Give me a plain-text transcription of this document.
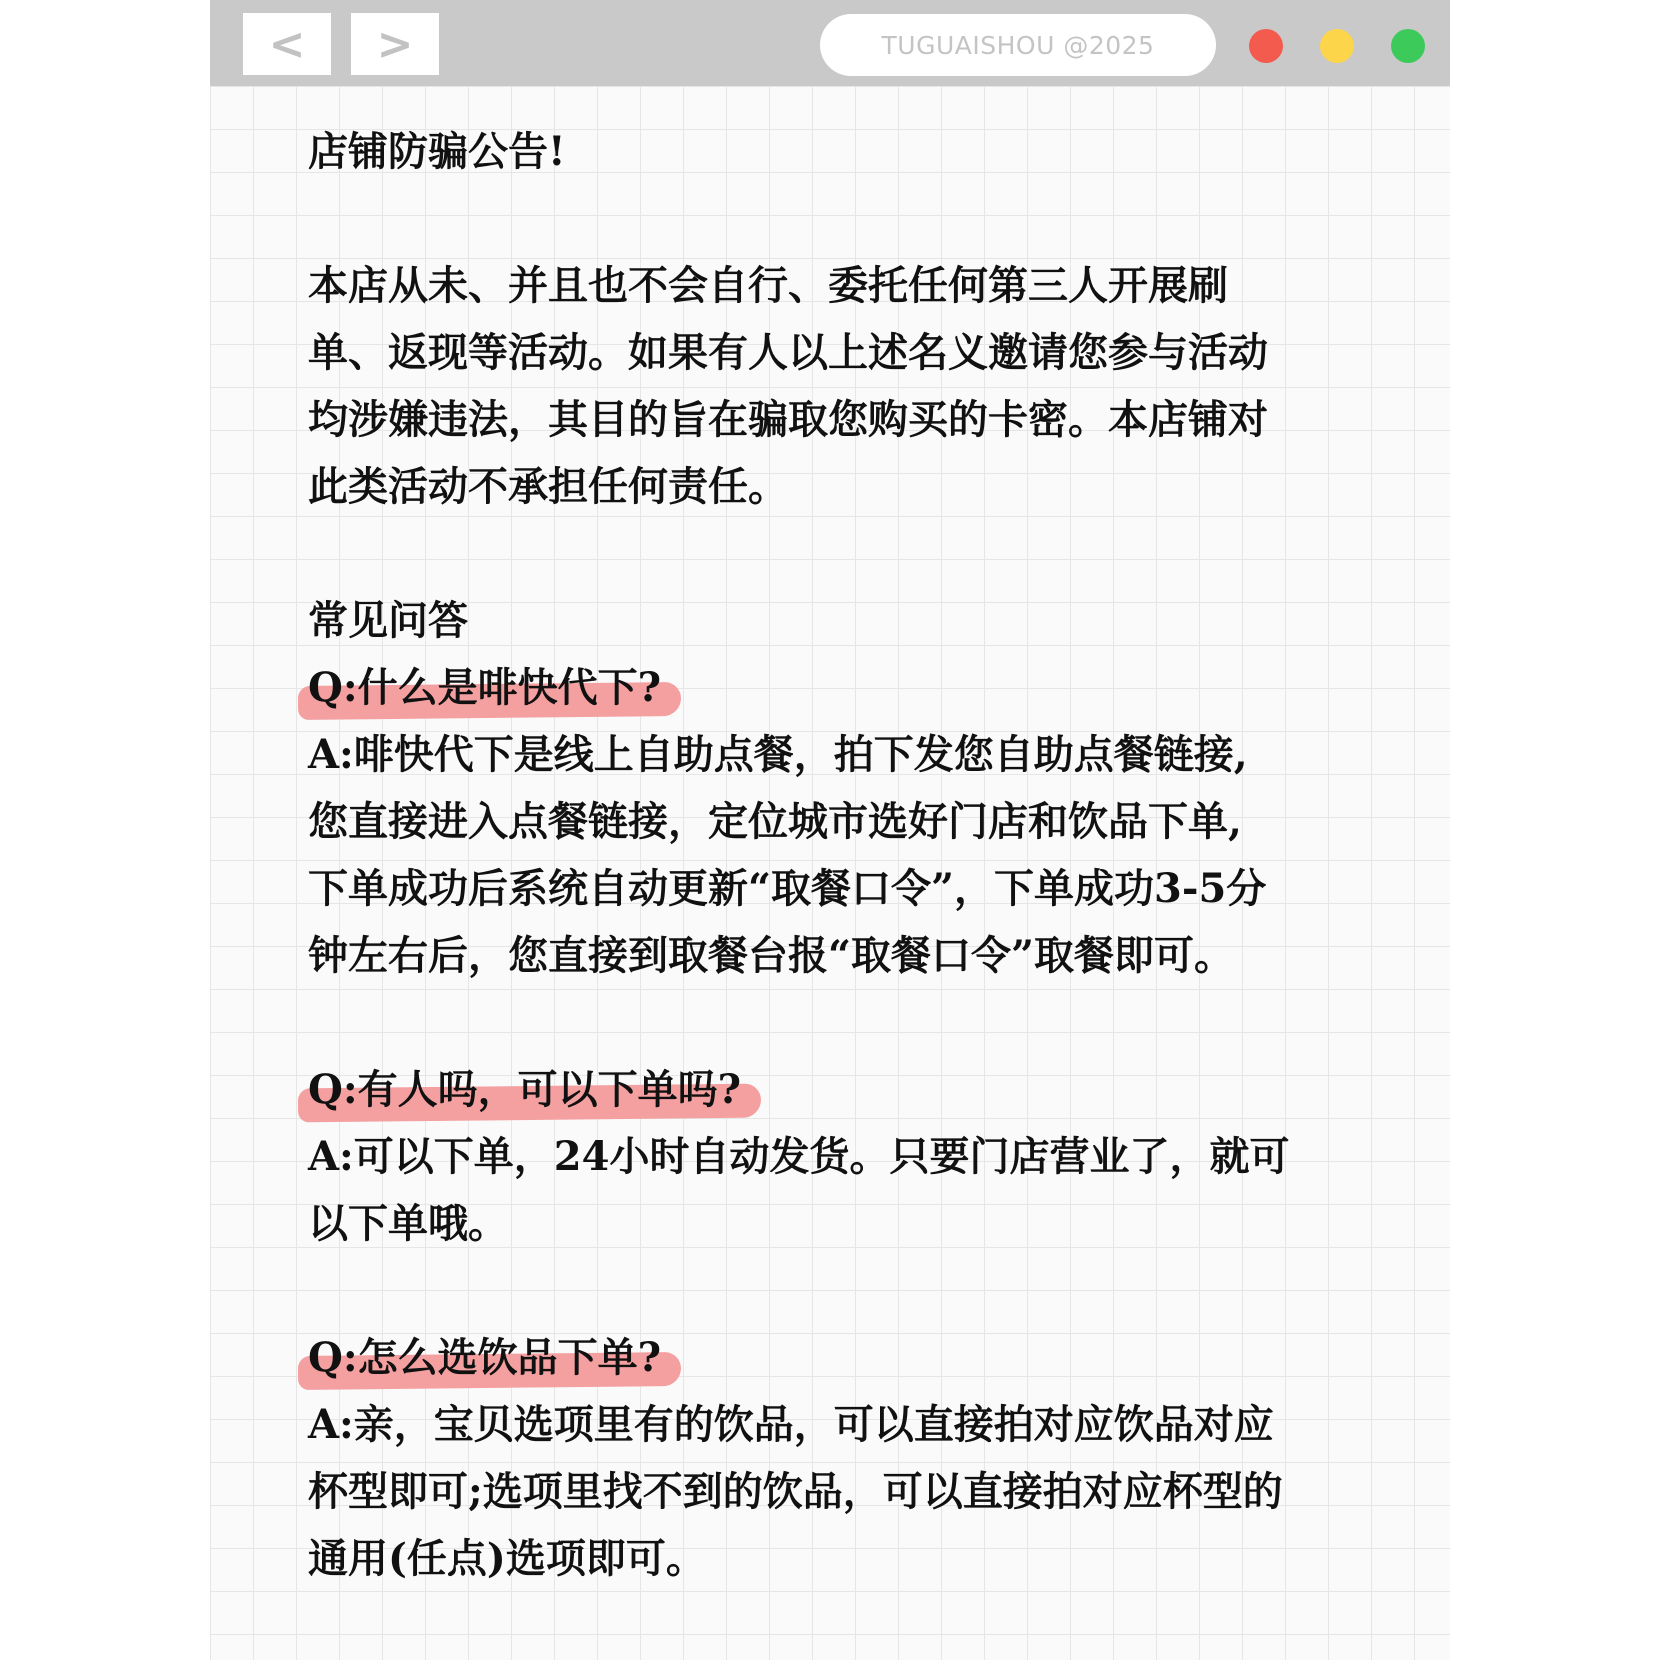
< >	TUGUAISHOU @2025
店铺防骗公告!
本店从未、并且也不会自行、委托任何第三人开展刷
单、返现等活动。如果有人以上述名义邀请您参与活动
均涉嫌违法，其目的旨在骗取您购买的卡密。本店铺对
此类活动不承担任何责任。
常见问答
Q:什么是啡快代下?
A:啡快代下是线上自助点餐，拍下发您自助点餐链接,
您直接进入点餐链接，定位城市选好门店和饮品下单,
下单成功后系统自动更新“取餐口令”，下单成功3-5分
钟左右后，您直接到取餐台报“取餐口令”取餐即可。
Q:有人吗，可以下单吗?
A:可以下单，24小时自动发货。只要门店营业了，就可
以下单哦。
Q:怎么选饮品下单?
A:亲，宝贝选项里有的饮品，可以直接拍对应饮品对应
杯型即可;选项里找不到的饮品，可以直接拍对应杯型的
通用(任点)选项即可。
